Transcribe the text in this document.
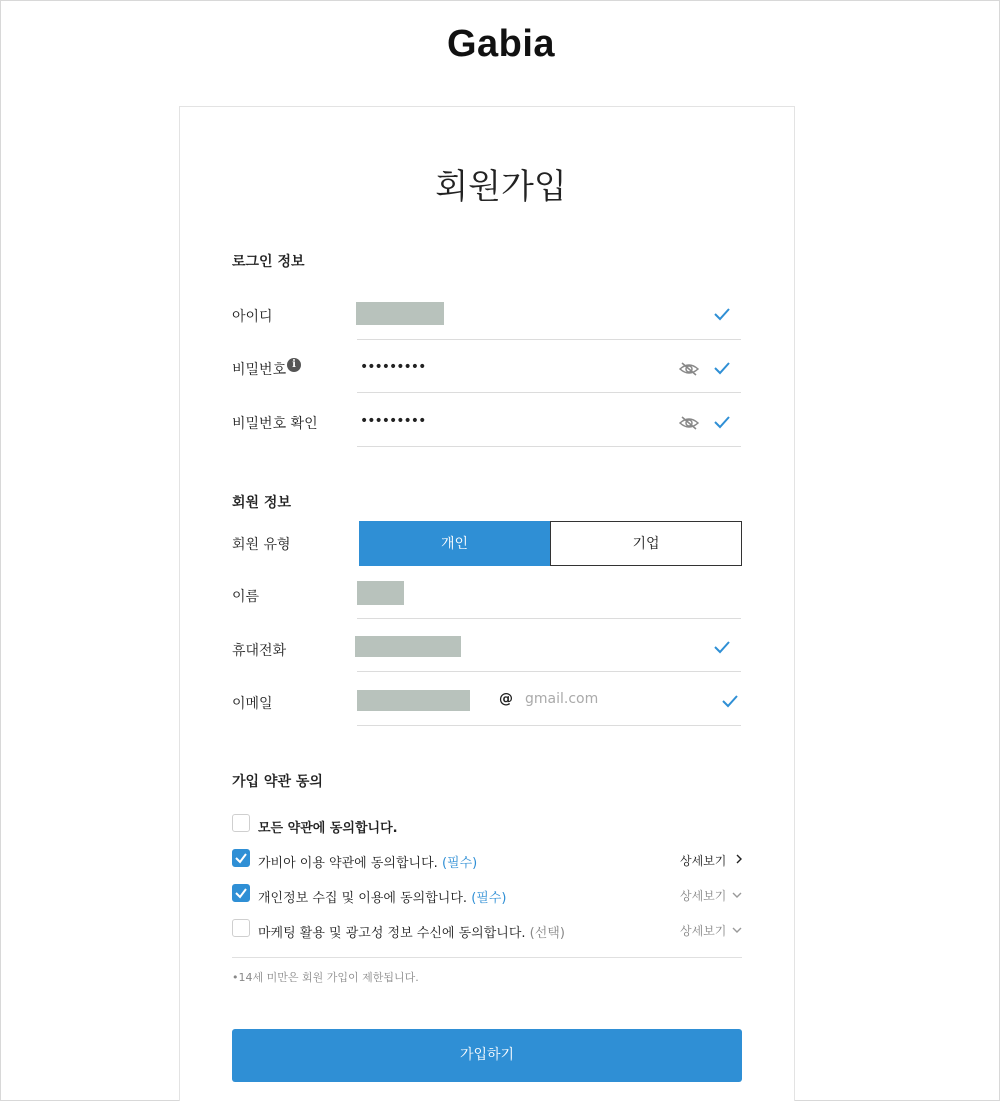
Gabia
회원가입
로그인 정보
아이디
비밀번호 i	•••••••••
비밀번호 확인	•••••••••
회원 정보
회원 유형	개인	기업
이름
휴대전화
이메일	@ gmail.com
가입 약관 동의
모든 약관에 동의합니다.
가비아 이용 약관에 동의합니다. (필수)	상세보기
개인정보 수집 및 이용에 동의합니다. (필수)	상세보기
마케팅 활용 및 광고성 정보 수신에 동의합니다. (선택)	상세보기
•14세 미만은 회원 가입이 제한됩니다.
가입하기
